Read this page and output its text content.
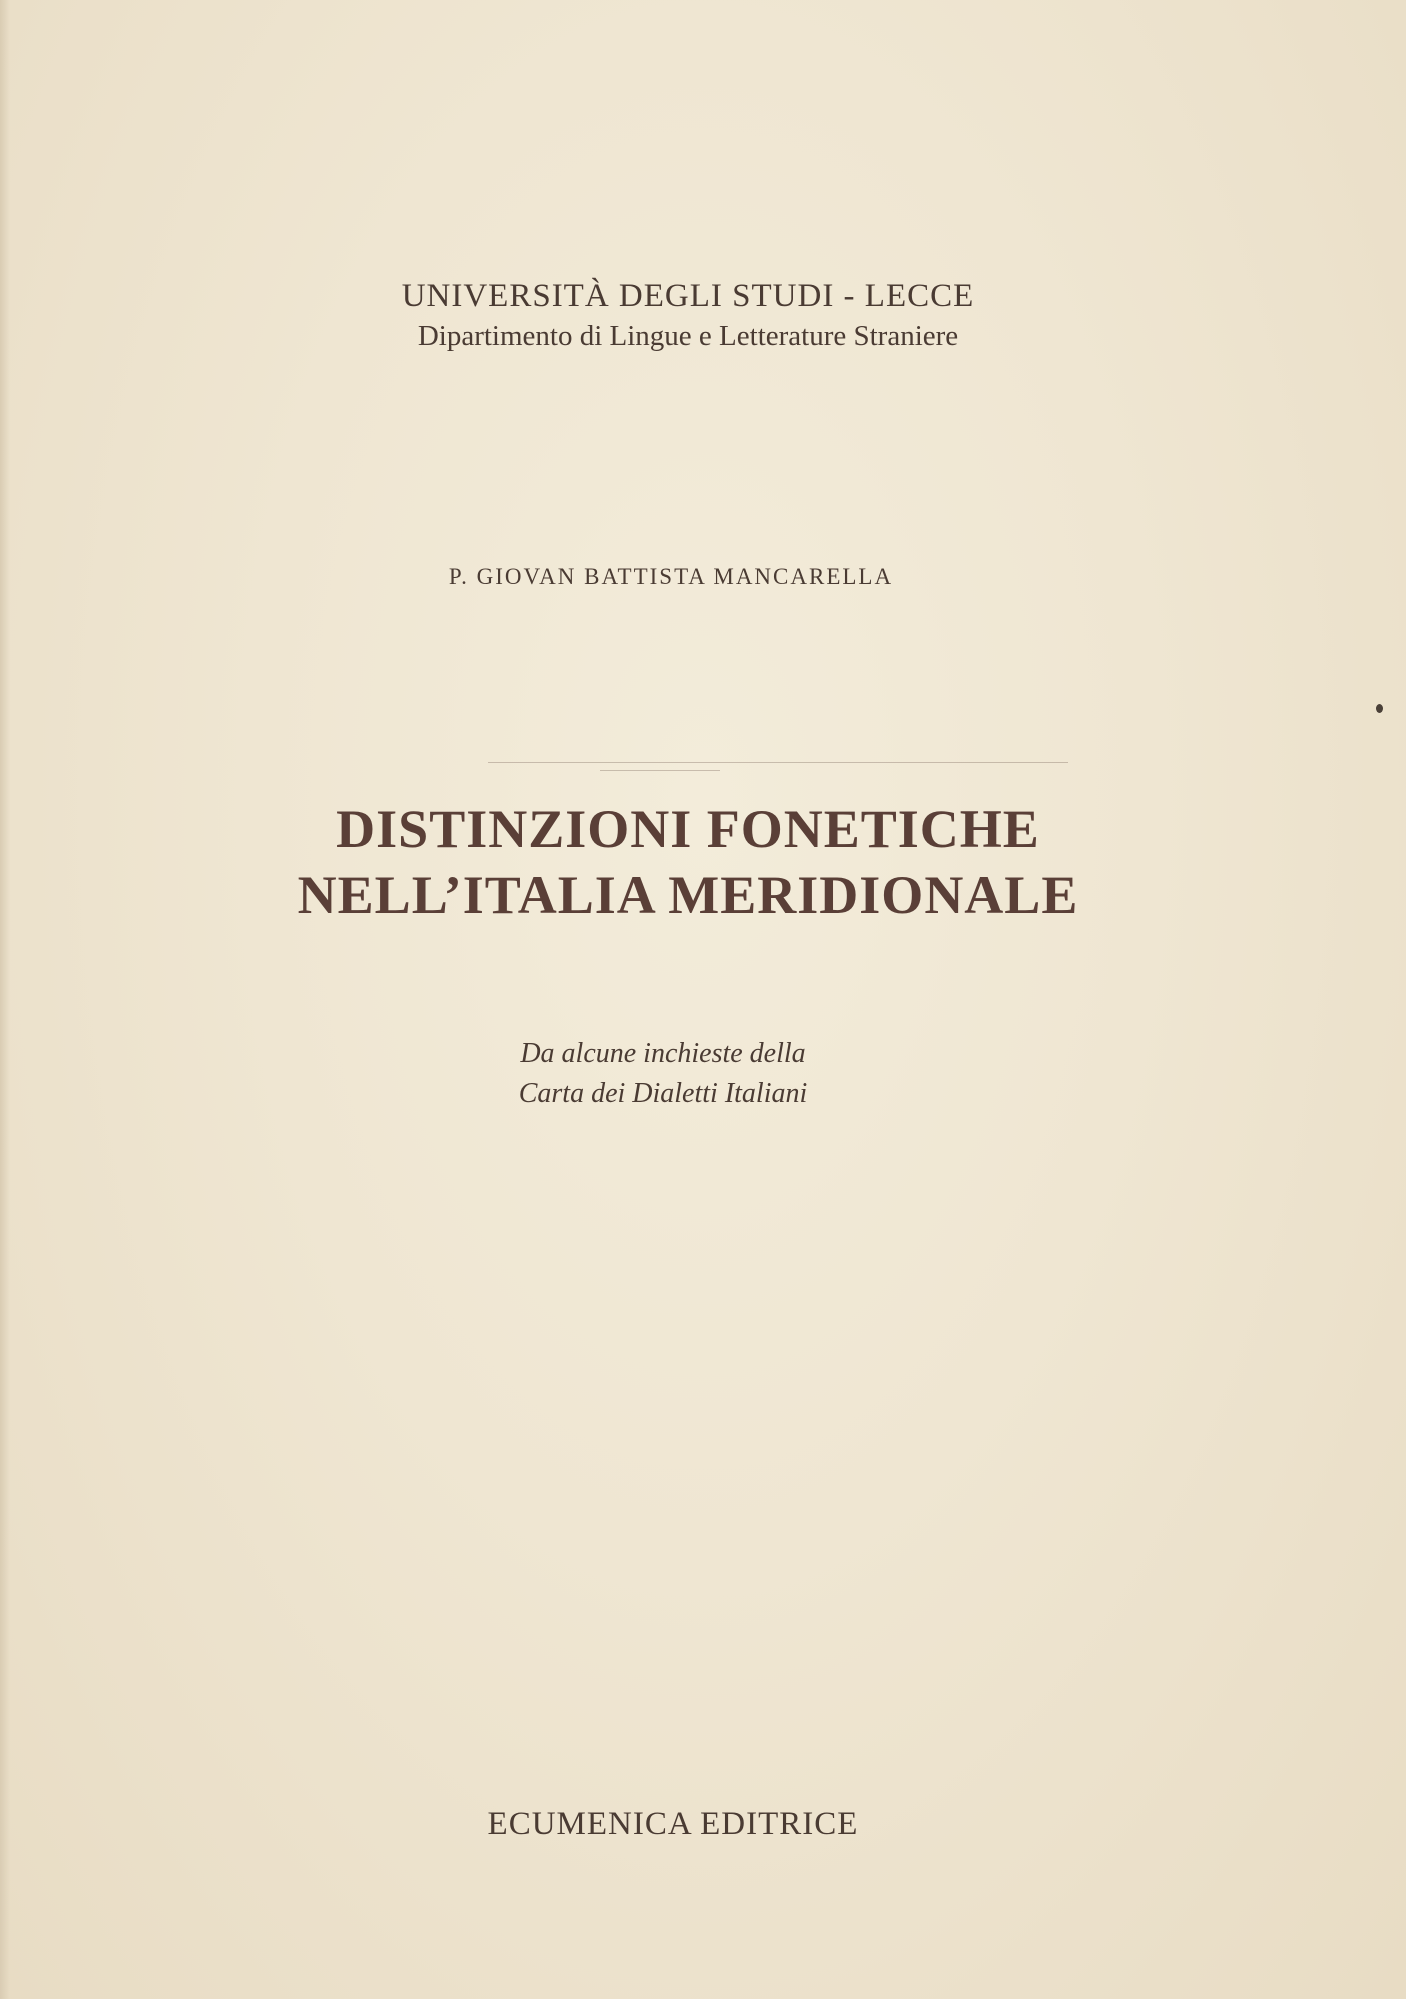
UNIVERSITÀ DEGLI STUDI - LECCE
Dipartimento di Lingue e Letterature Straniere
P. GIOVAN BATTISTA MANCARELLA
DISTINZIONI FONETICHE
NELL’ITALIA MERIDIONALE
Da alcune inchieste della
Carta dei Dialetti Italiani
ECUMENICA EDITRICE
